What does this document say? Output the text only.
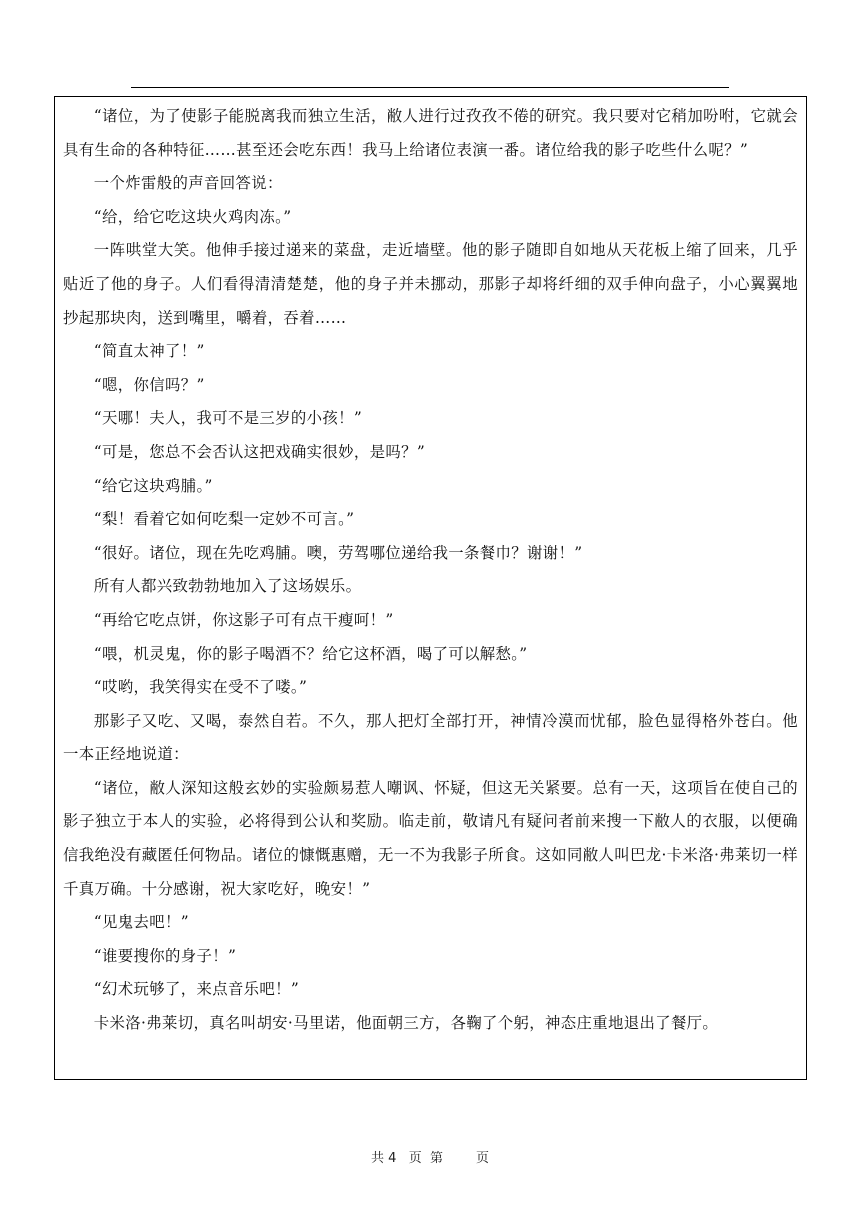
“诸位，为了使影子能脱离我而独立生活，敝人进行过孜孜不倦的研究。我只要对它稍加吩咐，它就会具有生命的各种特征……甚至还会吃东西！我马上给诸位表演一番。诸位给我的影子吃些什么呢？”

一个炸雷般的声音回答说：

“给，给它吃这块火鸡肉冻。”

一阵哄堂大笑。他伸手接过递来的菜盘，走近墙壁。他的影子随即自如地从天花板上缩了回来，几乎贴近了他的身子。人们看得清清楚楚，他的身子并未挪动，那影子却将纤细的双手伸向盘子，小心翼翼地抄起那块肉，送到嘴里，嚼着，吞着……

“简直太神了！”

“嗯，你信吗？”

“天哪！夫人，我可不是三岁的小孩！”

“可是，您总不会否认这把戏确实很妙，是吗？”

“给它这块鸡脯。”

“梨！看着它如何吃梨一定妙不可言。”

“很好。诸位，现在先吃鸡脯。噢，劳驾哪位递给我一条餐巾？谢谢！”

所有人都兴致勃勃地加入了这场娱乐。

“再给它吃点饼，你这影子可有点干瘦呵！”

“喂，机灵鬼，你的影子喝酒不？给它这杯酒，喝了可以解愁。”

“哎哟，我笑得实在受不了喽。”

那影子又吃、又喝，泰然自若。不久，那人把灯全部打开，神情冷漠而忧郁，脸色显得格外苍白。他一本正经地说道：

“诸位，敝人深知这般玄妙的实验颇易惹人嘲讽、怀疑，但这无关紧要。总有一天，这项旨在使自己的影子独立于本人的实验，必将得到公认和奖励。临走前，敬请凡有疑问者前来搜一下敝人的衣服，以便确信我绝没有藏匿任何物品。诸位的慷慨惠赠，无一不为我影子所食。这如同敝人叫巴龙·卡米洛·弗莱切一样千真万确。十分感谢，祝大家吃好，晚安！”

“见鬼去吧！”

“谁要搜你的身子！”

“幻术玩够了，来点音乐吧！”

卡米洛·弗莱切，真名叫胡安·马里诺，他面朝三方，各鞠了个躬，神态庄重地退出了餐厅。

共 4   页  第        页
